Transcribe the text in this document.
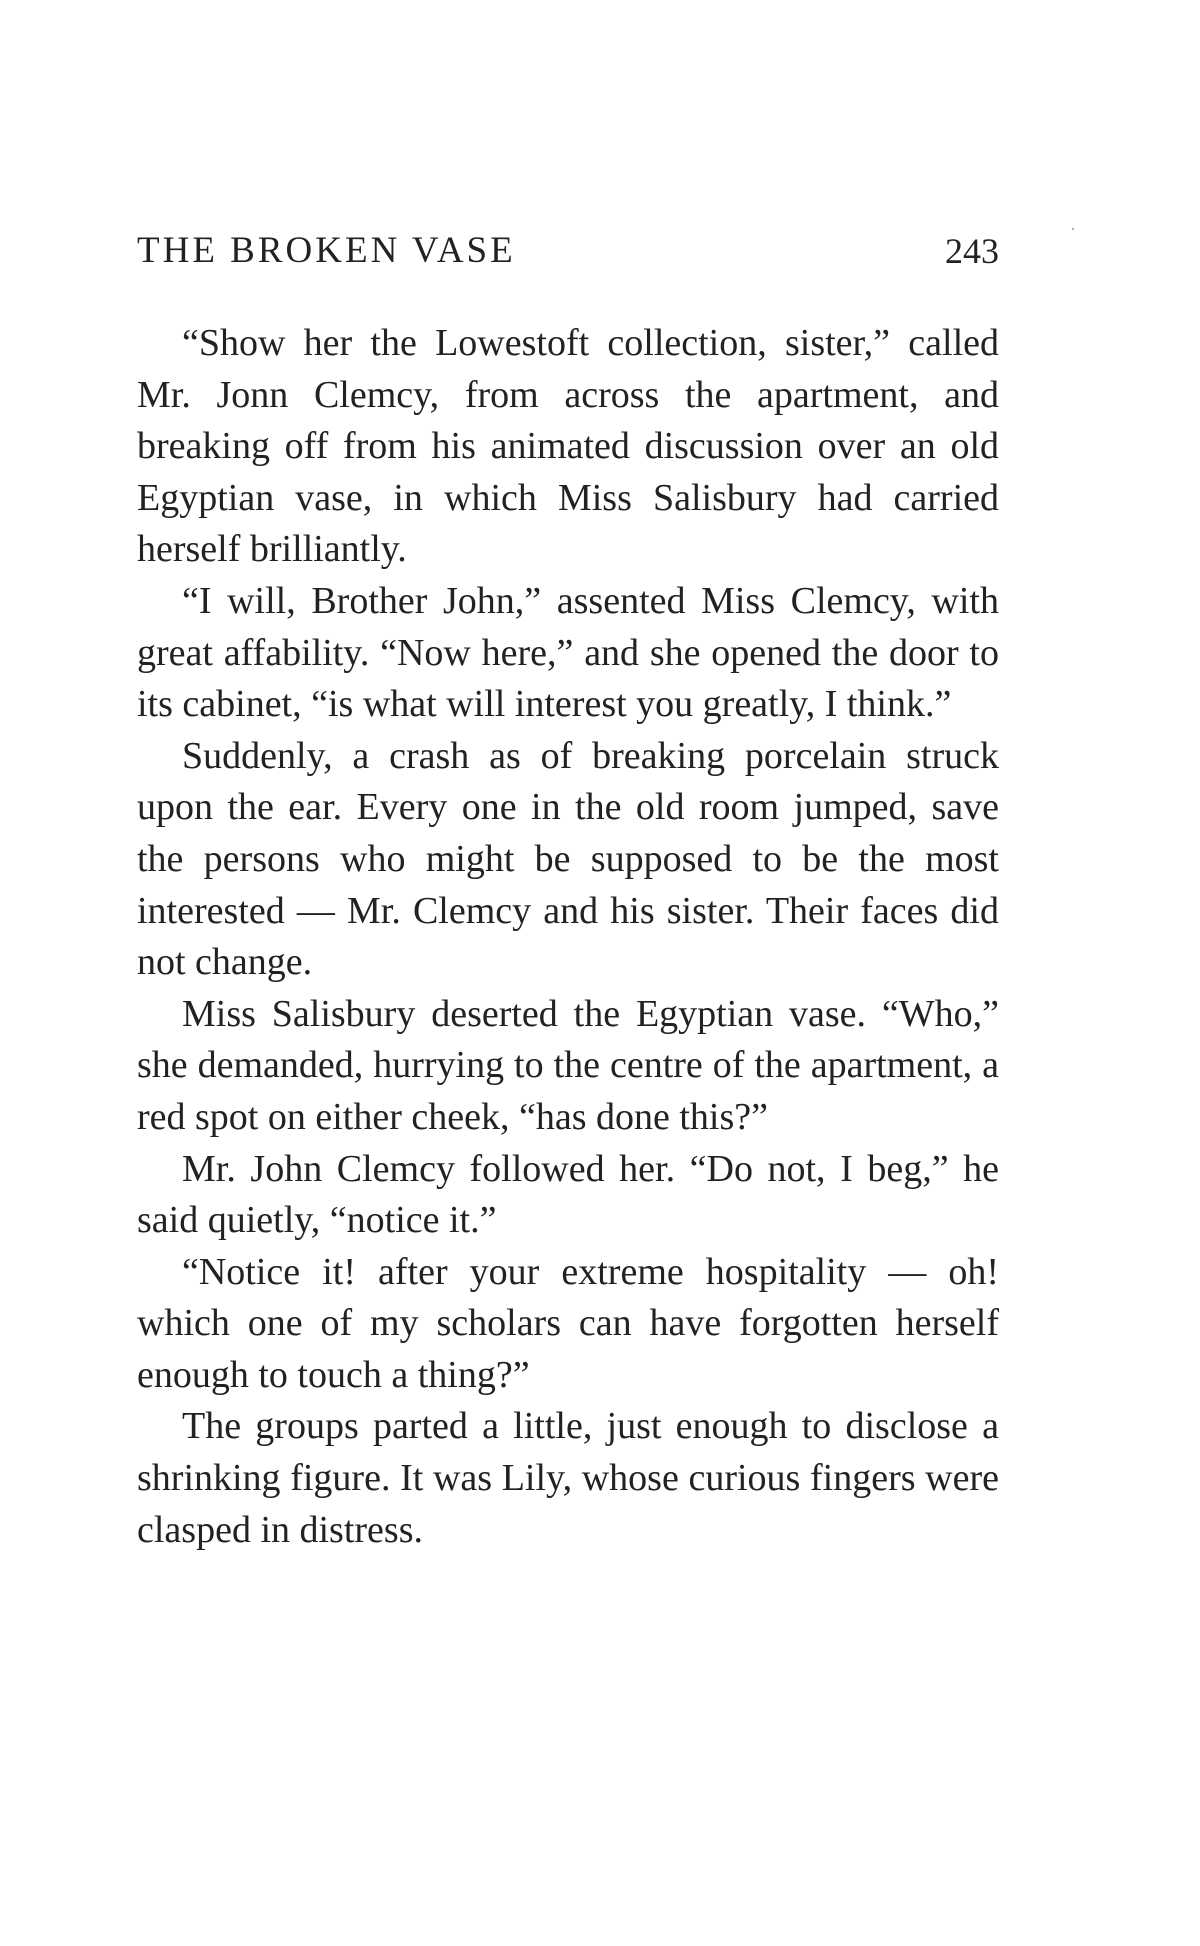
THE BROKEN VASE	243

“Show her the Lowestoft collection, sister,” called Mr. Jonn Clemcy, from across the apartment, and breaking off from his animated discussion over an old Egyptian vase, in which Miss Salisbury had carried herself brilliantly.

“I will, Brother John,” assented Miss Clemcy, with great affability. “Now here,” and she opened the door to its cabinet, “is what will interest you greatly, I think.”

Suddenly, a crash as of breaking porcelain struck upon the ear. Every one in the old room jumped, save the persons who might be supposed to be the most interested — Mr. Clemcy and his sister. Their faces did not change.

Miss Salisbury deserted the Egyptian vase. “Who,” she demanded, hurrying to the centre of the apartment, a red spot on either cheek, “has done this?”

Mr. John Clemcy followed her. “Do not, I beg,” he said quietly, “notice it.”

“Notice it! after your extreme hospitality — oh! which one of my scholars can have forgotten herself enough to touch a thing?”

The groups parted a little, just enough to disclose a shrinking figure. It was Lily, whose curious fingers were clasped in distress.
